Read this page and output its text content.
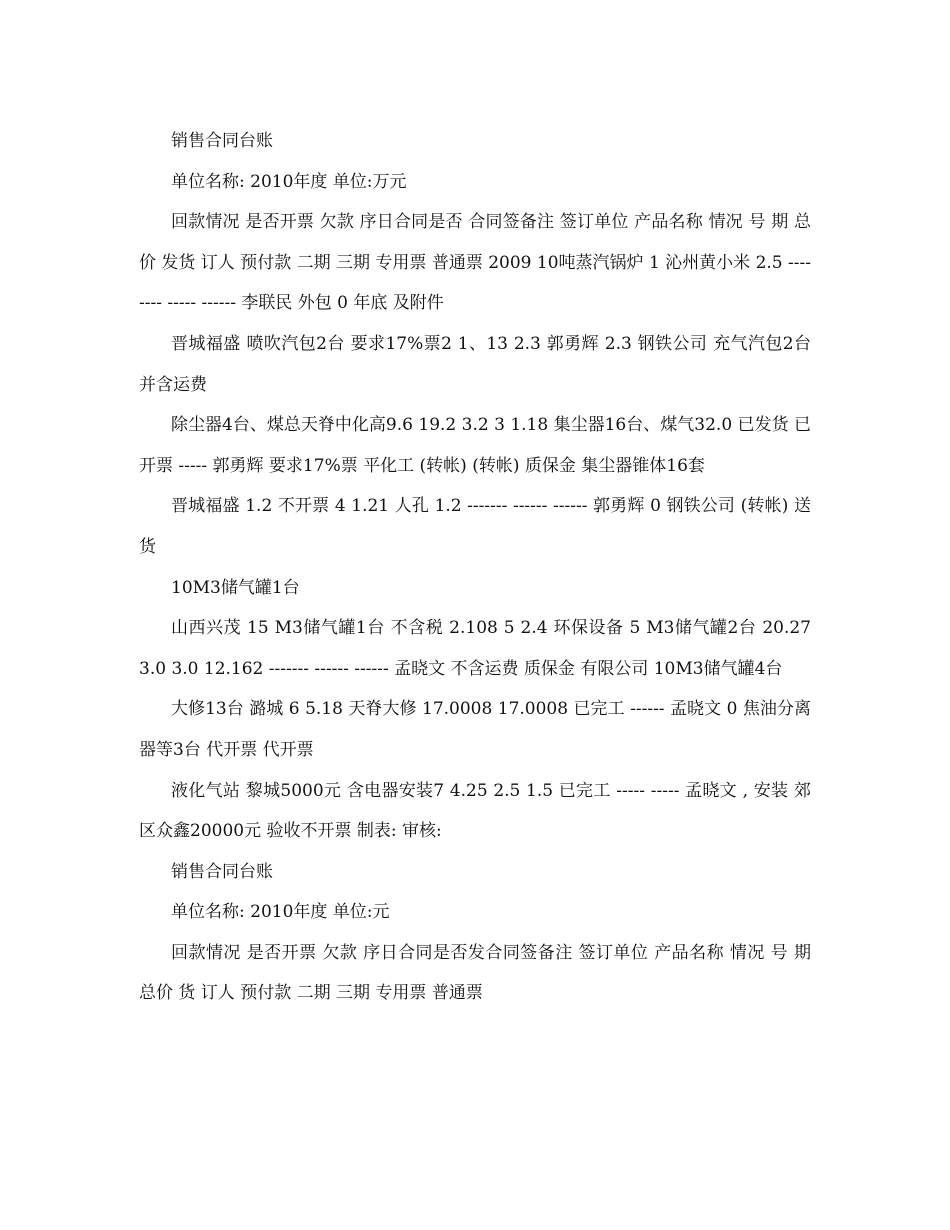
销售合同台账

单位名称: 2010年度 单位:万元

回款情况 是否开票 欠款 序日合同是否 合同签备注 签订单位 产品名称 情况 号 期 总价 发货 订人 预付款 二期 三期 专用票 普通票 2009 10吨蒸汽锅炉 1 沁州黄小米 2.5 -------- ----- ------ 李联民 外包 0 年底 及附件

晋城福盛 喷吹汽包2台 要求17%票2 1、13 2.3 郭勇辉 2.3 钢铁公司 充气汽包2台 并含运费

除尘器4台、煤总天脊中化高9.6 19.2 3.2 3 1.18 集尘器16台、煤气32.0 已发货 已开票 ----- 郭勇辉 要求17%票 平化工 (转帐) (转帐) 质保金 集尘器锥体16套

晋城福盛 1.2 不开票 4 1.21 人孔 1.2 ------- ------ ------ 郭勇辉 0 钢铁公司 (转帐) 送 货

10M3储气罐1台

山西兴茂 15 M3储气罐1台 不含税 2.108 5 2.4 环保设备 5 M3储气罐2台 20.27 3.0 3.0 12.162 ------- ------ ------ 孟晓文 不含运费 质保金 有限公司 10M3储气罐4台

大修13台 潞城 6 5.18 天脊大修 17.0008 17.0008 已完工 ------ 孟晓文 0 焦油分离器等3台 代开票 代开票

液化气站 黎城5000元 含电器安装7 4.25 2.5 1.5 已完工 ----- ----- 孟晓文 , 安装 郊区众鑫20000元 验收不开票 制表: 审核:

销售合同台账

单位名称: 2010年度 单位:元

回款情况 是否开票 欠款 序日合同是否发合同签备注 签订单位 产品名称 情况 号 期 总价 货 订人 预付款 二期 三期 专用票 普通票
